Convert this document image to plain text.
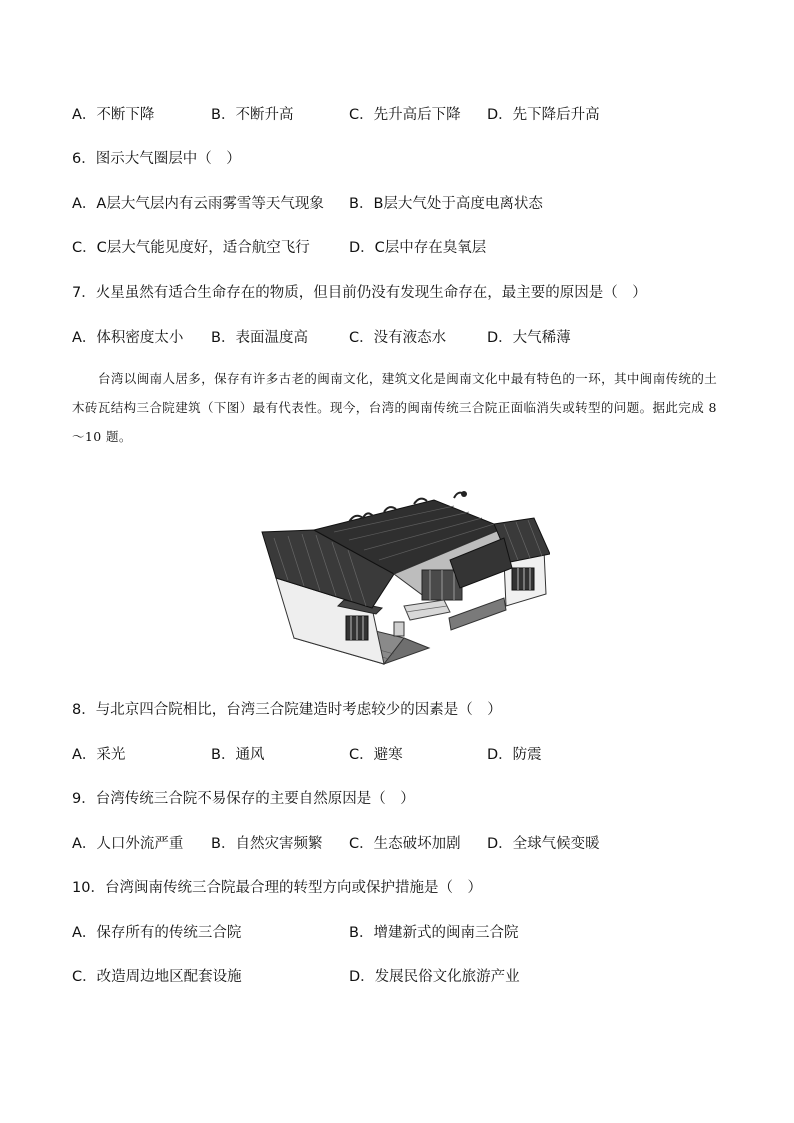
A．不断下降	B．不断升高	C．先升高后下降 D．先下降后升高
6．图示大气圈层中（　）
A．A层大气层内有云雨雾雪等天气现象 B．B层大气处于高度电离状态
C．C层大气能见度好，适合航空飞行	D．C层中存在臭氧层
7．火星虽然有适合生命存在的物质，但目前仍没有发现生命存在，最主要的原因是（　）
A．体积密度太小 B．表面温度高	C．没有液态水	D．大气稀薄
台湾以闽南人居多，保存有许多古老的闽南文化，建筑文化是闽南文化中最有特色的一环，其中闽南传统的土木砖瓦结构三合院建筑（下图）最有代表性。现今，台湾的闽南传统三合院正面临消失或转型的问题。据此完成 8～10 题。
8．与北京四合院相比，台湾三合院建造时考虑较少的因素是（　）
A．采光	B．通风	C．避寒	D．防震
9．台湾传统三合院不易保存的主要自然原因是（　）
A．人口外流严重 B．自然灾害频繁 C．生态破坏加剧 D．全球气候变暖
10．台湾闽南传统三合院最合理的转型方向或保护措施是（　）
A．保存所有的传统三合院	B．增建新式的闽南三合院
C．改造周边地区配套设施	D．发展民俗文化旅游产业
